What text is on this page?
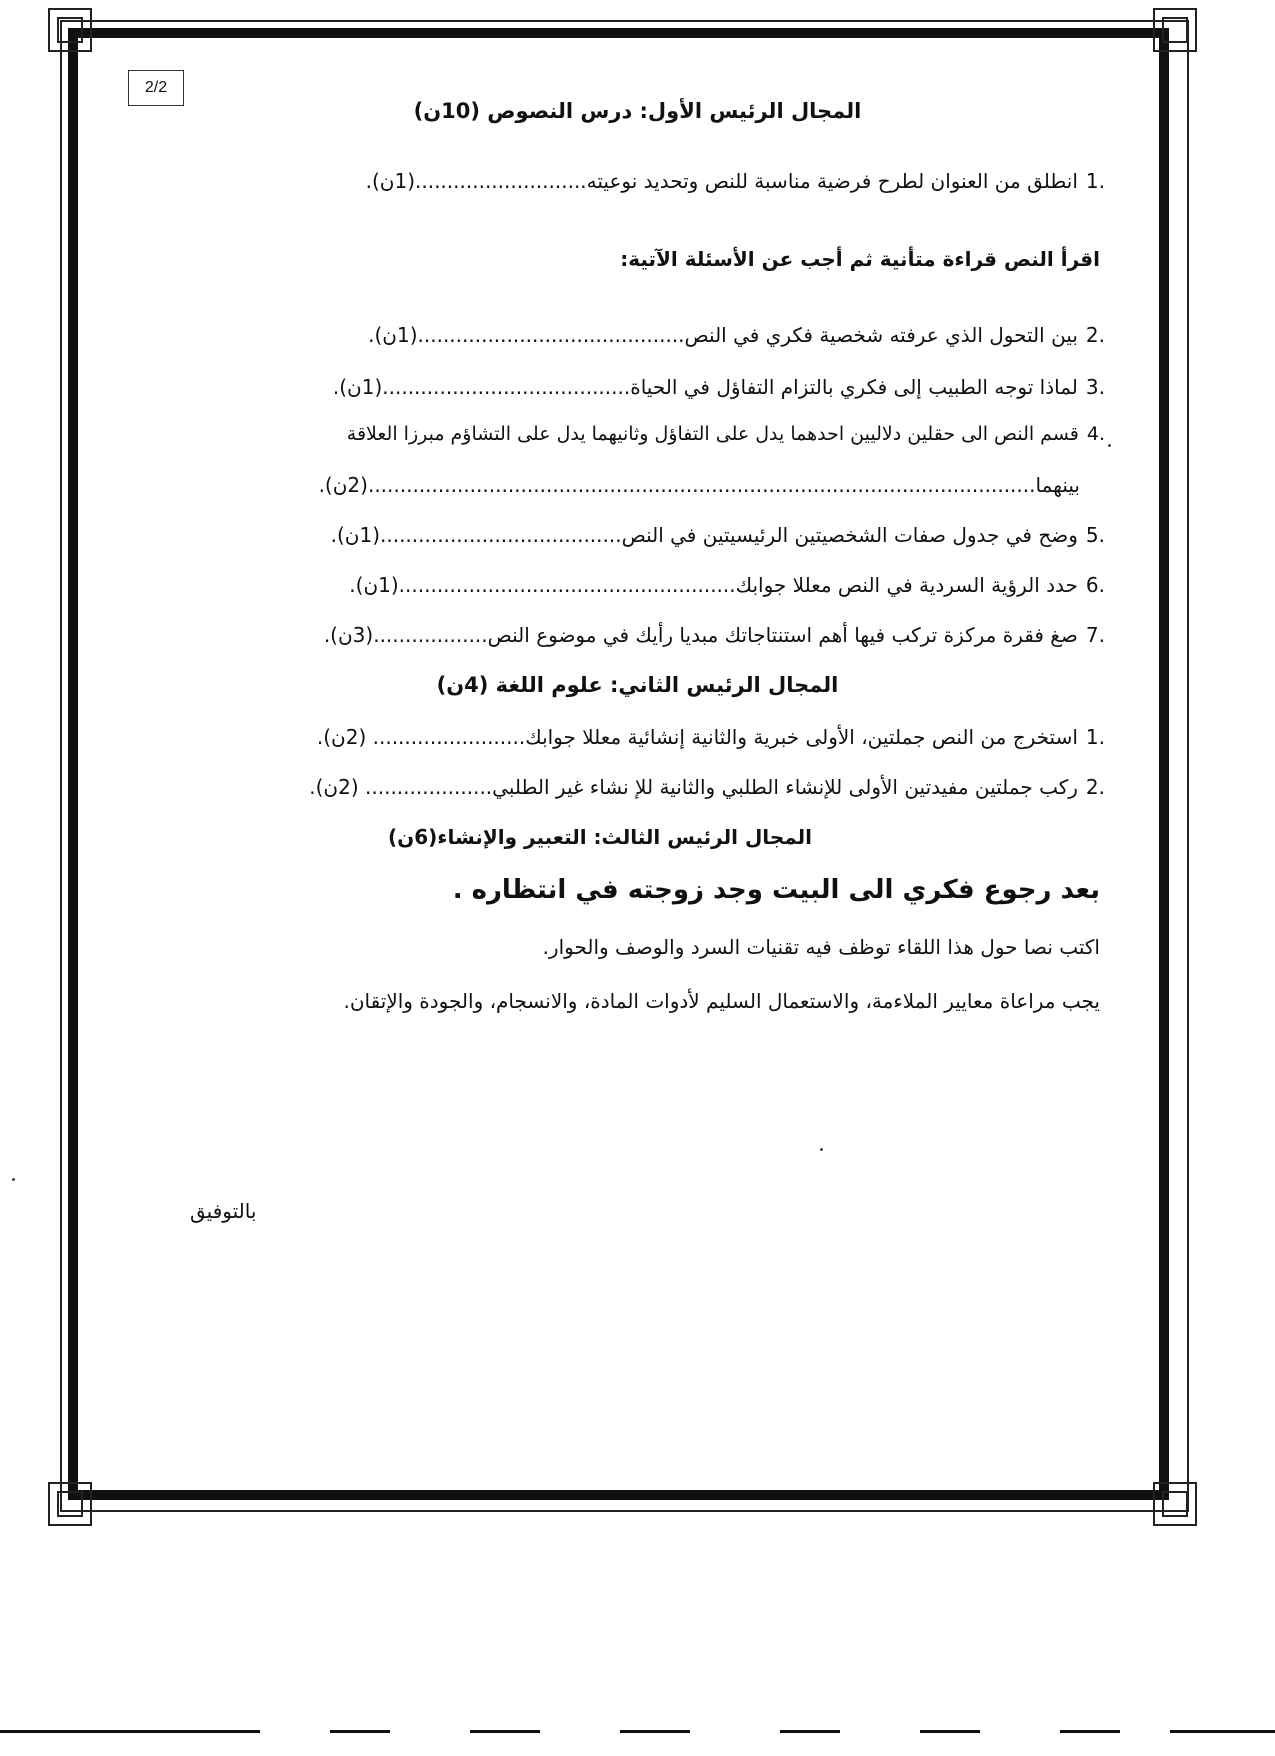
2/2
المجال الرئيس الأول: درس النصوص (10ن)
.1انطلق من العنوان لطرح فرضية مناسبة للنص وتحديد نوعيته...........................(1ن).
اقرأ النص قراءة متأنية ثم أجب عن الأسئلة الآتية:
.2بين التحول الذي عرفته شخصية فكري في النص..........................................(1ن).
.3لماذا توجه الطبيب إلى فكري بالتزام التفاؤل في الحياة.......................................(1ن).
.4قسم النص الى حقلين دلاليين احدهما يدل على التفاؤل وثانيهما يدل على التشاؤم مبرزا العلاقة
بينهما.........................................................................................................(2ن).
.5وضح في جدول صفات الشخصيتين الرئيسيتين في النص......................................(1ن).
.6حدد الرؤية السردية في النص معللا جوابك.....................................................(1ن).
.7صغ فقرة مركزة تركب فيها أهم استنتاجاتك مبديا رأيك في موضوع النص..................(3ن).
المجال الرئيس الثاني: علوم اللغة (4ن)
.1استخرج من النص جملتين، الأولى خبرية والثانية إنشائية معللا جوابك........................ (2ن).
.2ركب جملتين مفيدتين الأولى للإنشاء الطلبي والثانية للإ نشاء غير الطلبي.................... (2ن).
المجال الرئيس الثالث: التعبير والإنشاء(6ن)
بعد رجوع فكري الى البيت وجد زوجته في انتظاره .
اكتب نصا حول هذا اللقاء توظف فيه تقنيات السرد والوصف والحوار.
يجب مراعاة معايير الملاءمة، والاستعمال السليم لأدوات المادة، والانسجام، والجودة والإتقان.
بالتوفيق
